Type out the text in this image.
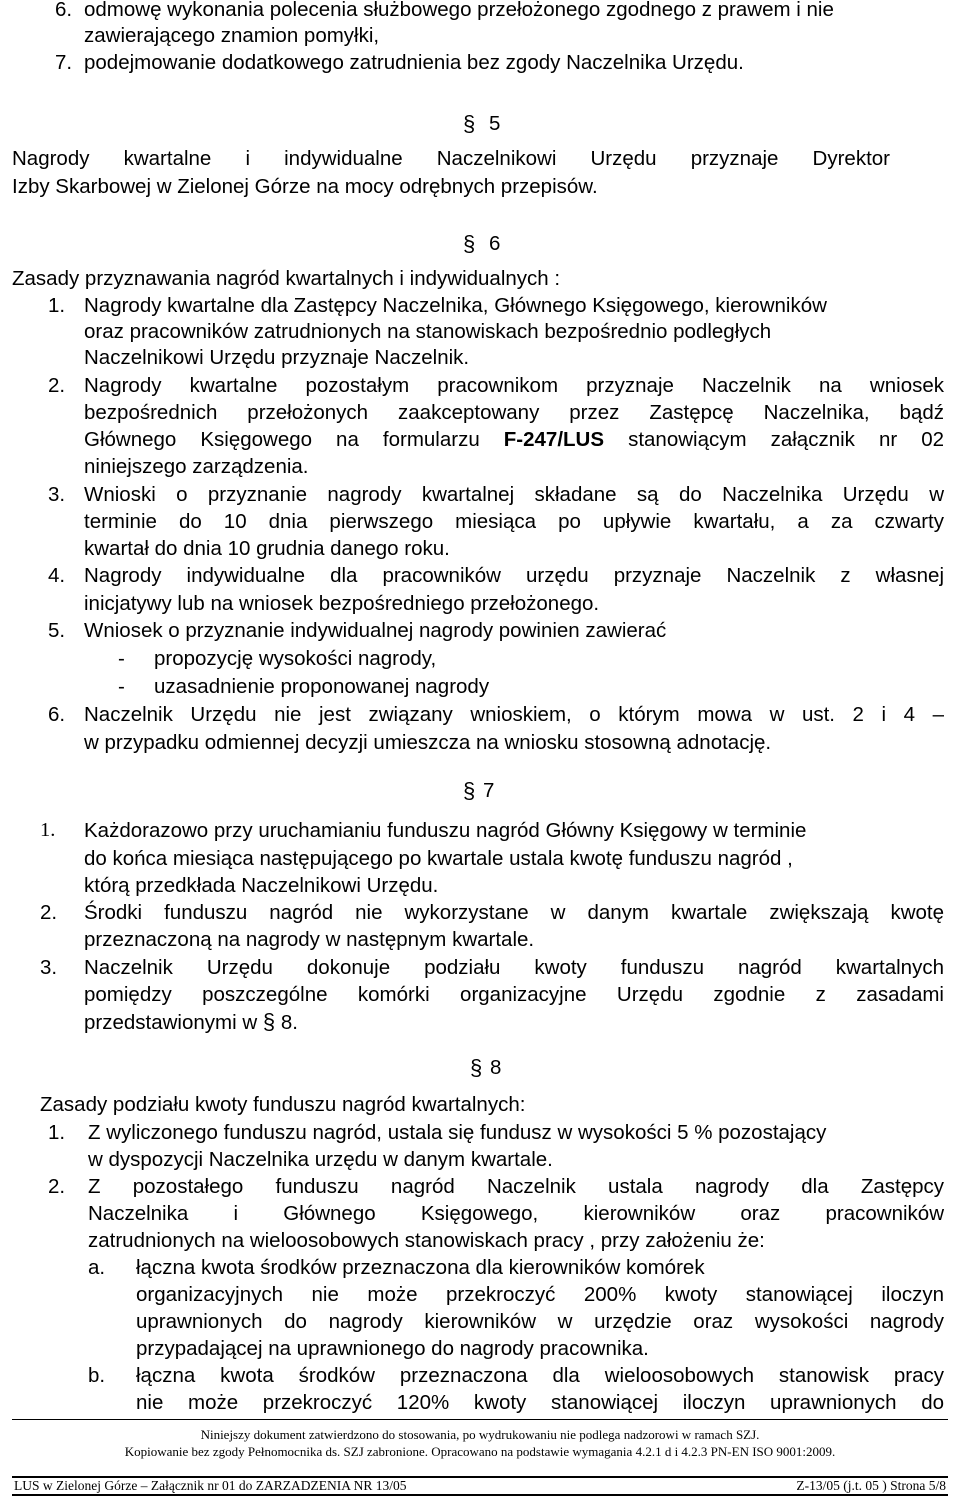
6. odmowę wykonania polecenia służbowego przełożonego zgodnego z prawem i nie
zawierającego znamion pomyłki,
7. podejmowanie dodatkowego zatrudnienia bez zgody Naczelnika Urzędu.
§ 5
Nagrody kwartalne i indywidualne Naczelnikowi Urzędu przyznaje Dyrektor
Izby Skarbowej w Zielonej Górze na mocy odrębnych przepisów.
§ 6
Zasady przyznawania nagród kwartalnych i indywidualnych :
1. Nagrody kwartalne dla Zastępcy Naczelnika, Głównego Księgowego, kierowników
oraz pracowników zatrudnionych na stanowiskach bezpośrednio podległych
Naczelnikowi Urzędu przyznaje Naczelnik.
2. Nagrody kwartalne pozostałym pracownikom przyznaje Naczelnik na wniosek
bezpośrednich przełożonych zaakceptowany przez Zastępcę Naczelnika, bądź
Głównego Księgowego na formularzu F-247/LUS stanowiącym załącznik nr 02
niniejszego zarządzenia.
3. Wnioski o przyznanie nagrody kwartalnej składane są do Naczelnika Urzędu w
terminie do 10 dnia pierwszego miesiąca po upływie kwartału, a za czwarty
kwartał do dnia 10 grudnia danego roku.
4. Nagrody indywidualne dla pracowników urzędu przyznaje Naczelnik z własnej
inicjatywy lub na wniosek bezpośredniego przełożonego.
5. Wniosek o przyznanie indywidualnej nagrody powinien zawierać
- propozycję wysokości nagrody,
- uzasadnienie proponowanej nagrody
6. Naczelnik Urzędu nie jest związany wnioskiem, o którym mowa w ust. 2 i 4 –
w przypadku odmiennej decyzji umieszcza na wniosku stosowną adnotację.
§ 7
1. Każdorazowo przy uruchamianiu funduszu nagród Główny Księgowy w terminie
do końca miesiąca następującego po kwartale ustala kwotę funduszu nagród ,
którą przedkłada Naczelnikowi Urzędu.
2. Środki funduszu nagród nie wykorzystane w danym kwartale zwiększają kwotę
przeznaczoną na nagrody w następnym kwartale.
3. Naczelnik Urzędu dokonuje podziału kwoty funduszu nagród kwartalnych
pomiędzy poszczególne komórki organizacyjne Urzędu zgodnie z zasadami
przedstawionymi w § 8.
§ 8
Zasady podziału kwoty funduszu nagród kwartalnych:
1. Z wyliczonego funduszu nagród, ustala się fundusz w wysokości 5 % pozostający
w dyspozycji Naczelnika urzędu w danym kwartale.
2. Z pozostałego funduszu nagród Naczelnik ustala nagrody dla Zastępcy
Naczelnika i Głównego Księgowego, kierowników oraz pracowników
zatrudnionych na wieloosobowych stanowiskach pracy , przy założeniu że:
a. łączna kwota środków przeznaczona dla kierowników komórek
organizacyjnych nie może przekroczyć 200% kwoty stanowiącej iloczyn
uprawnionych do nagrody kierowników w urzędzie oraz wysokości nagrody
przypadającej na uprawnionego do nagrody pracownika.
b. łączna kwota środków przeznaczona dla wieloosobowych stanowisk pracy
nie może przekroczyć 120% kwoty stanowiącej iloczyn uprawnionych do
Niniejszy dokument zatwierdzono do stosowania, po wydrukowaniu nie podlega nadzorowi w ramach SZJ.
Kopiowanie bez zgody Pełnomocnika ds. SZJ zabronione. Opracowano na podstawie wymagania 4.2.1 d i 4.2.3 PN-EN ISO 9001:2009.
LUS w Zielonej Górze – Załącznik nr 01 do ZARZADZENIA NR 13/05	Z-13/05 (j.t. 05 ) Strona 5/8
